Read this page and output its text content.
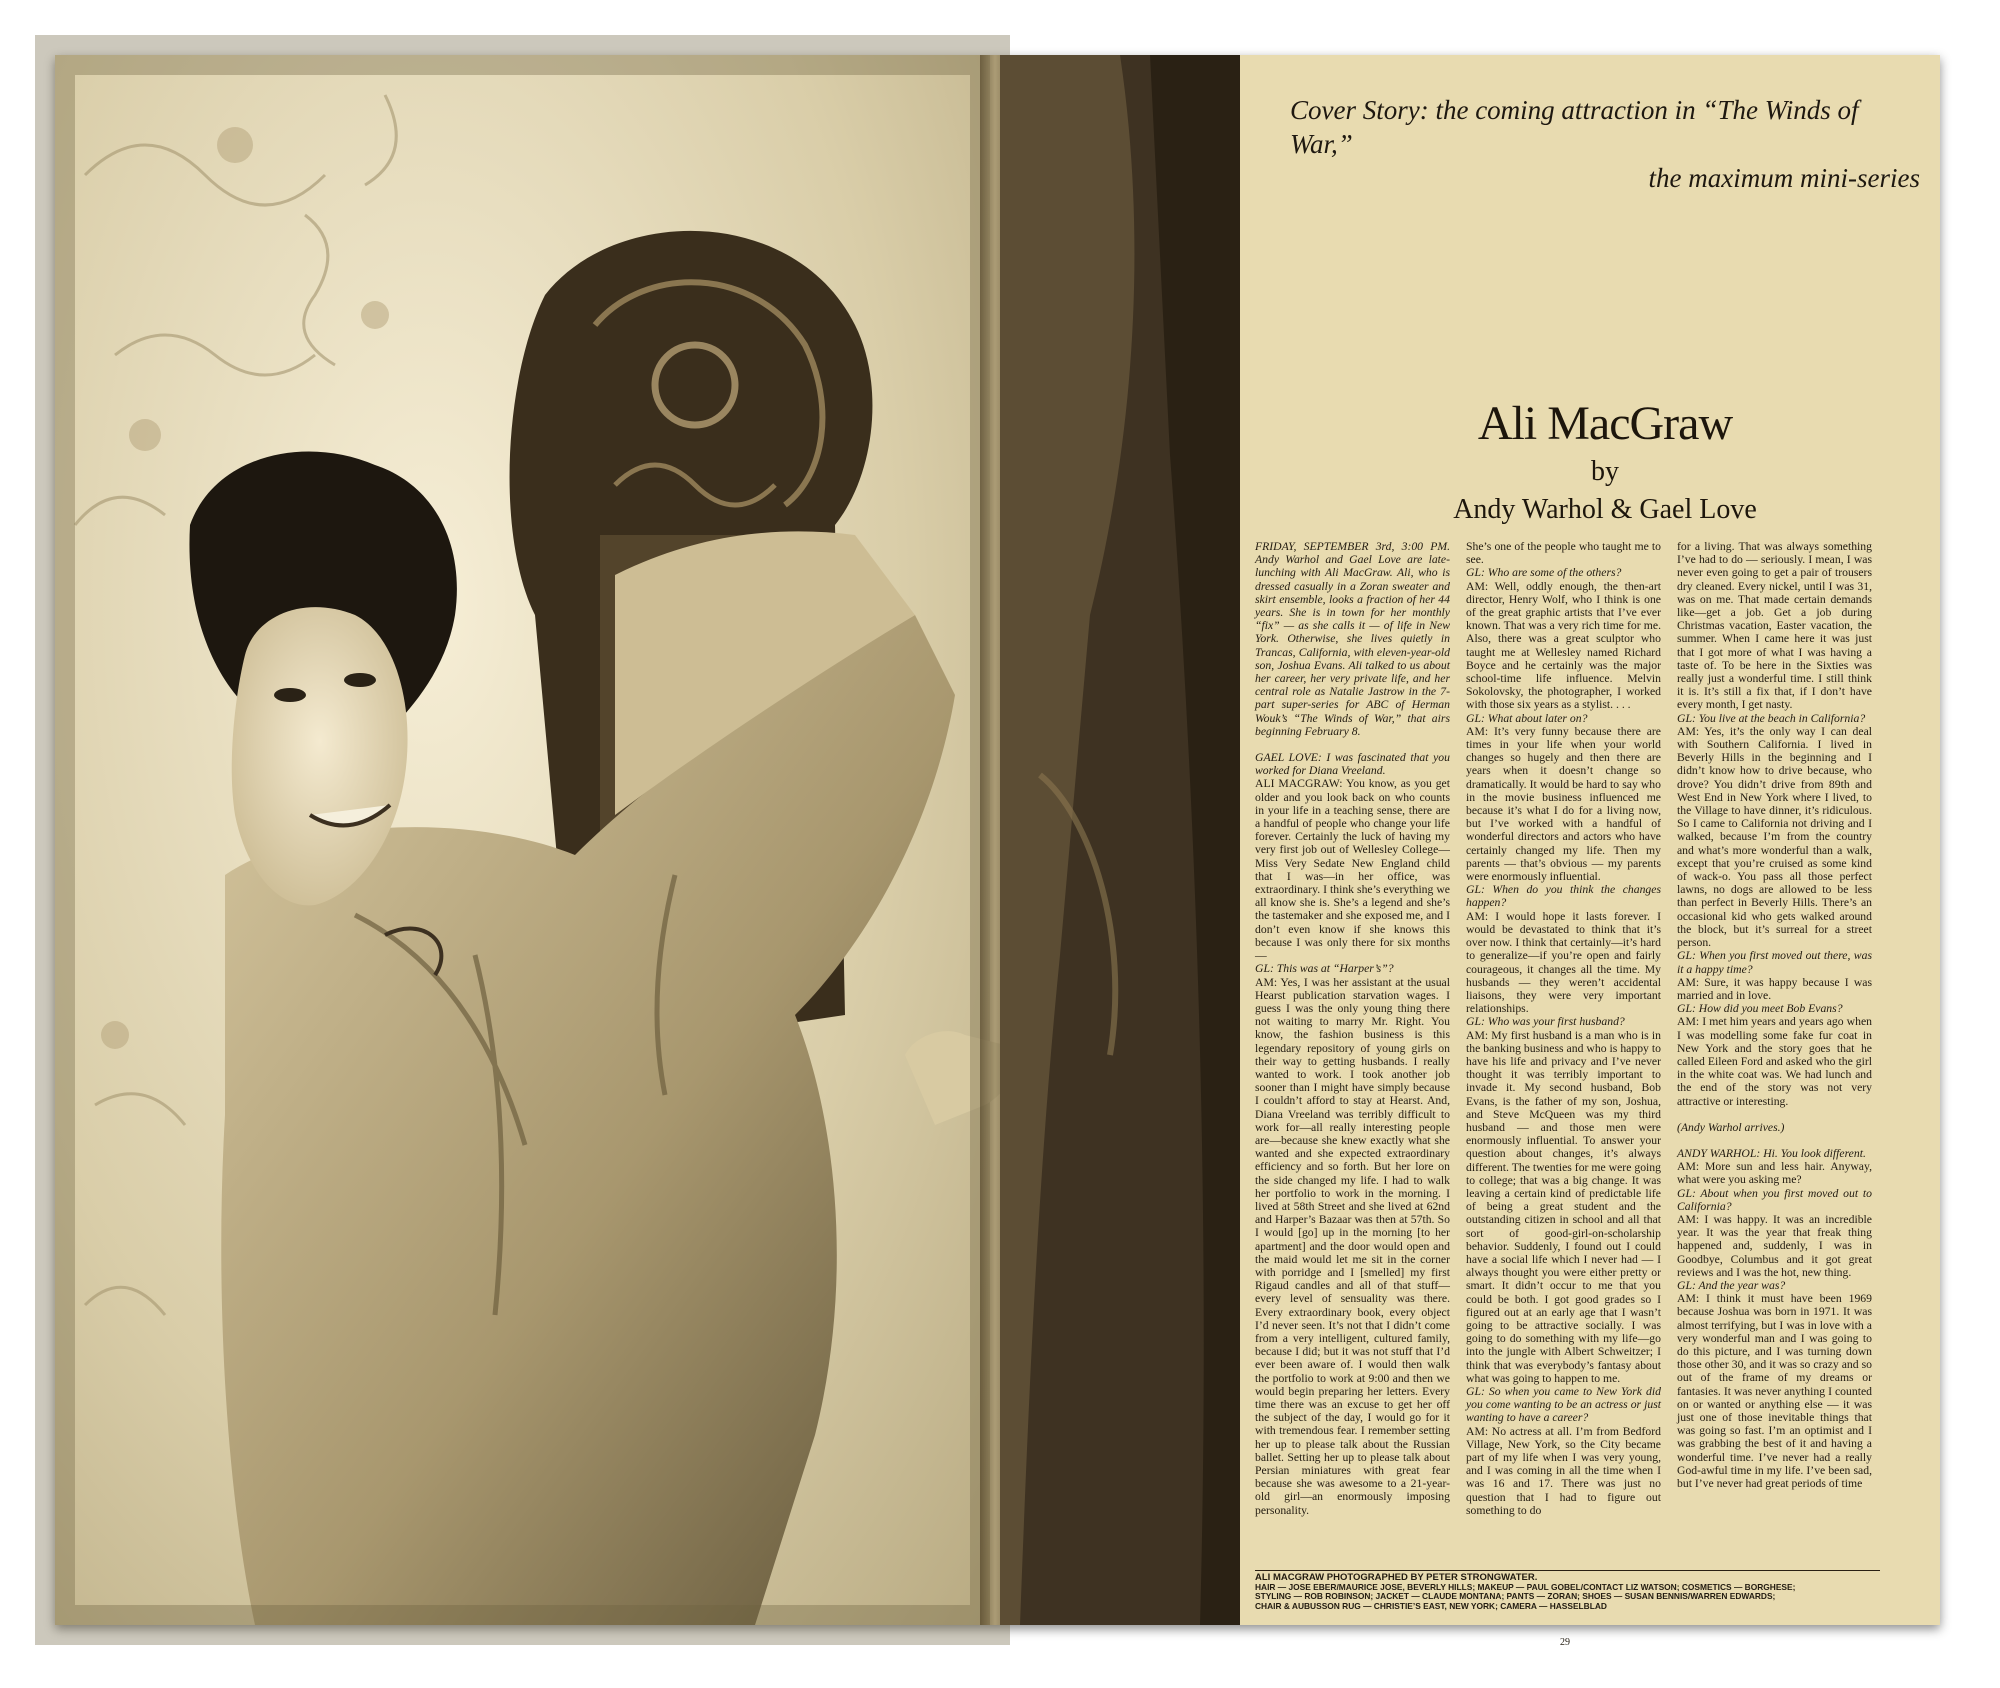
Cover Story: the coming attraction in “The Winds of War,”
the maximum mini-series
Ali MacGraw
by
Andy Warhol & Gael Love

FRIDAY, SEPTEMBER 3rd, 3:00 PM. Andy Warhol and Gael Love are late-lunching with Ali MacGraw. Ali, who is dressed casually in a Zoran sweater and skirt ensemble, looks a fraction of her 44 years. She is in town for her monthly “fix” — as she calls it — of life in New York. Otherwise, she lives quietly in Trancas, California, with eleven-year-old son, Joshua Evans. Ali talked to us about her career, her very private life, and her central role as Natalie Jastrow in the 7-part super-series for ABC of Herman Wouk’s “The Winds of War,” that airs beginning February 8.

GAEL LOVE: I was fascinated that you worked for Diana Vreeland.

ALI MACGRAW: You know, as you get older and you look back on who counts in your life in a teaching sense, there are a handful of people who change your life forever. Certainly the luck of having my very first job out of Wellesley College—Miss Very Sedate New England child that I was—in her office, was extraordinary. I think she’s everything we all know she is. She’s a legend and she’s the tastemaker and she exposed me, and I don’t even know if she knows this because I was only there for six months—

GL: This was at “Harper’s”?

AM: Yes, I was her assistant at the usual Hearst publication starvation wages. I guess I was the only young thing there not waiting to marry Mr. Right. You know, the fashion business is this legendary repository of young girls on their way to getting husbands. I really wanted to work. I took another job sooner than I might have simply because I couldn’t afford to stay at Hearst. And, Diana Vreeland was terribly difficult to work for—all really interesting people are—because she knew exactly what she wanted and she expected extraordinary efficiency and so forth. But her lore on the side changed my life. I had to walk her portfolio to work in the morning. I lived at 58th Street and she lived at 62nd and Harper’s Bazaar was then at 57th. So I would [go] up in the morning [to her apartment] and the door would open and the maid would let me sit in the corner with porridge and I [smelled] my first Rigaud candles and all of that stuff—every level of sensuality was there. Every extraordinary book, every object I’d never seen. It’s not that I didn’t come from a very intelligent, cultured family, because I did; but it was not stuff that I’d ever been aware of. I would then walk the portfolio to work at 9:00 and then we would begin preparing her letters. Every time there was an excuse to get her off the subject of the day, I would go for it with tremendous fear. I remember setting her up to please talk about the Russian ballet. Setting her up to please talk about Persian miniatures with great fear because she was awesome to a 21-year-old girl—an enormously imposing personality.

She’s one of the people who taught me to see.

GL: Who are some of the others?

AM: Well, oddly enough, the then-art director, Henry Wolf, who I think is one of the great graphic artists that I’ve ever known. That was a very rich time for me. Also, there was a great sculptor who taught me at Wellesley named Richard Boyce and he certainly was the major school-time life influence. Melvin Sokolovsky, the photographer, I worked with those six years as a stylist. . . .

GL: What about later on?

AM: It’s very funny because there are times in your life when your world changes so hugely and then there are years when it doesn’t change so dramatically. It would be hard to say who in the movie business influenced me because it’s what I do for a living now, but I’ve worked with a handful of wonderful directors and actors who have certainly changed my life. Then my parents — that’s obvious — my parents were enormously influential.

GL: When do you think the changes happen?

AM: I would hope it lasts forever. I would be devastated to think that it’s over now. I think that certainly—it’s hard to generalize—if you’re open and fairly courageous, it changes all the time. My husbands — they weren’t accidental liaisons, they were very important relationships.

GL: Who was your first husband?

AM: My first husband is a man who is in the banking business and who is happy to have his life and privacy and I’ve never thought it was terribly important to invade it. My second husband, Bob Evans, is the father of my son, Joshua, and Steve McQueen was my third husband — and those men were enormously influential. To answer your question about changes, it’s always different. The twenties for me were going to college; that was a big change. It was leaving a certain kind of predictable life of being a great student and the outstanding citizen in school and all that sort of good-girl-on-scholarship behavior. Suddenly, I found out I could have a social life which I never had — I always thought you were either pretty or smart. It didn’t occur to me that you could be both. I got good grades so I figured out at an early age that I wasn’t going to be attractive socially. I was going to do something with my life—go into the jungle with Albert Schweitzer; I think that was everybody’s fantasy about what was going to happen to me.

GL: So when you came to New York did you come wanting to be an actress or just wanting to have a career?

AM: No actress at all. I’m from Bedford Village, New York, so the City became part of my life when I was very young, and I was coming in all the time when I was 16 and 17. There was just no question that I had to figure out something to do

for a living. That was always something I’ve had to do — seriously. I mean, I was never even going to get a pair of trousers dry cleaned. Every nickel, until I was 31, was on me. That made certain demands like—get a job. Get a job during Christmas vacation, Easter vacation, the summer. When I came here it was just that I got more of what I was having a taste of. To be here in the Sixties was really just a wonderful time. I still think it is. It’s still a fix that, if I don’t have every month, I get nasty.

GL: You live at the beach in California?

AM: Yes, it’s the only way I can deal with Southern California. I lived in Beverly Hills in the beginning and I didn’t know how to drive because, who drove? You didn’t drive from 89th and West End in New York where I lived, to the Village to have dinner, it’s ridiculous. So I came to California not driving and I walked, because I’m from the country and what’s more wonderful than a walk, except that you’re cruised as some kind of wack-o. You pass all those perfect lawns, no dogs are allowed to be less than perfect in Beverly Hills. There’s an occasional kid who gets walked around the block, but it’s surreal for a street person.

GL: When you first moved out there, was it a happy time?

AM: Sure, it was happy because I was married and in love.

GL: How did you meet Bob Evans?

AM: I met him years and years ago when I was modelling some fake fur coat in New York and the story goes that he called Eileen Ford and asked who the girl in the white coat was. We had lunch and the end of the story was not very attractive or interesting.

(Andy Warhol arrives.)

ANDY WARHOL: Hi. You look different.

AM: More sun and less hair. Anyway, what were you asking me?

GL: About when you first moved out to California?

AM: I was happy. It was an incredible year. It was the year that freak thing happened and, suddenly, I was in Goodbye, Columbus and it got great reviews and I was the hot, new thing.

GL: And the year was?

AM: I think it must have been 1969 because Joshua was born in 1971. It was almost terrifying, but I was in love with a very wonderful man and I was going to do this picture, and I was turning down those other 30, and it was so crazy and so out of the frame of my dreams or fantasies. It was never anything I counted on or wanted or anything else — it was just one of those inevitable things that was going so fast. I’m an optimist and I was grabbing the best of it and having a wonderful time. I’ve never had a really God-awful time in my life. I’ve been sad, but I’ve never had great periods of time

ALI MACGRAW PHOTOGRAPHED BY PETER STRONGWATER.
HAIR — JOSE EBER/MAURICE JOSE, BEVERLY HILLS; MAKEUP — PAUL GOBEL/CONTACT LIZ WATSON; COSMETICS — BORGHESE;
STYLING — ROB ROBINSON; JACKET — CLAUDE MONTANA; PANTS — ZORAN; SHOES — SUSAN BENNIS/WARREN EDWARDS;
CHAIR & AUBUSSON RUG — CHRISTIE’S EAST, NEW YORK; CAMERA — HASSELBLAD
29
